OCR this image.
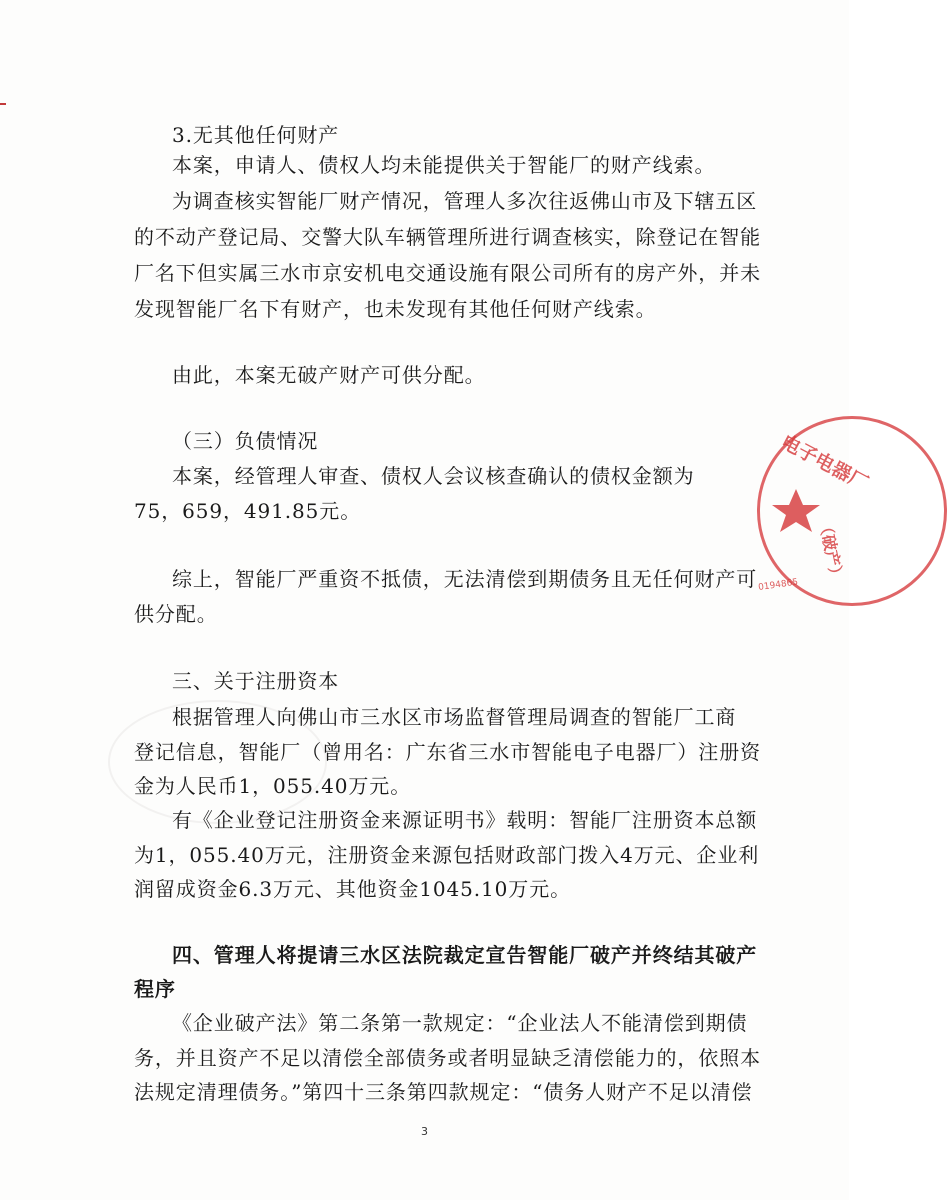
3.无其他任何财产
本案，申请人、债权人均未能提供关于智能厂的财产线索。
为调查核实智能厂财产情况，管理人多次往返佛山市及下辖五区
的不动产登记局、交警大队车辆管理所进行调查核实，除登记在智能
厂名下但实属三水市京安机电交通设施有限公司所有的房产外，并未
发现智能厂名下有财产，也未发现有其他任何财产线索。
由此，本案无破产财产可供分配。
（三）负债情况
本案，经管理人审查、债权人会议核查确认的债权金额为
75，659，491.85元。
综上，智能厂严重资不抵债，无法清偿到期债务且无任何财产可
供分配。
三、关于注册资本
根据管理人向佛山市三水区市场监督管理局调查的智能厂工商
登记信息，智能厂（曾用名：广东省三水市智能电子电器厂）注册资
金为人民币1，055.40万元。
有《企业登记注册资金来源证明书》载明：智能厂注册资本总额
为1，055.40万元，注册资金来源包括财政部门拨入4万元、企业利
润留成资金6.3万元、其他资金1045.10万元。
四、管理人将提请三水区法院裁定宣告智能厂破产并终结其破产
程序
《企业破产法》第二条第一款规定：“企业法人不能清偿到期债
务，并且资产不足以清偿全部债务或者明显缺乏清偿能力的，依照本
法规定清理债务。”第四十三条第四款规定：“债务人财产不足以清偿
3
电子电器厂
（破产）
0194865
